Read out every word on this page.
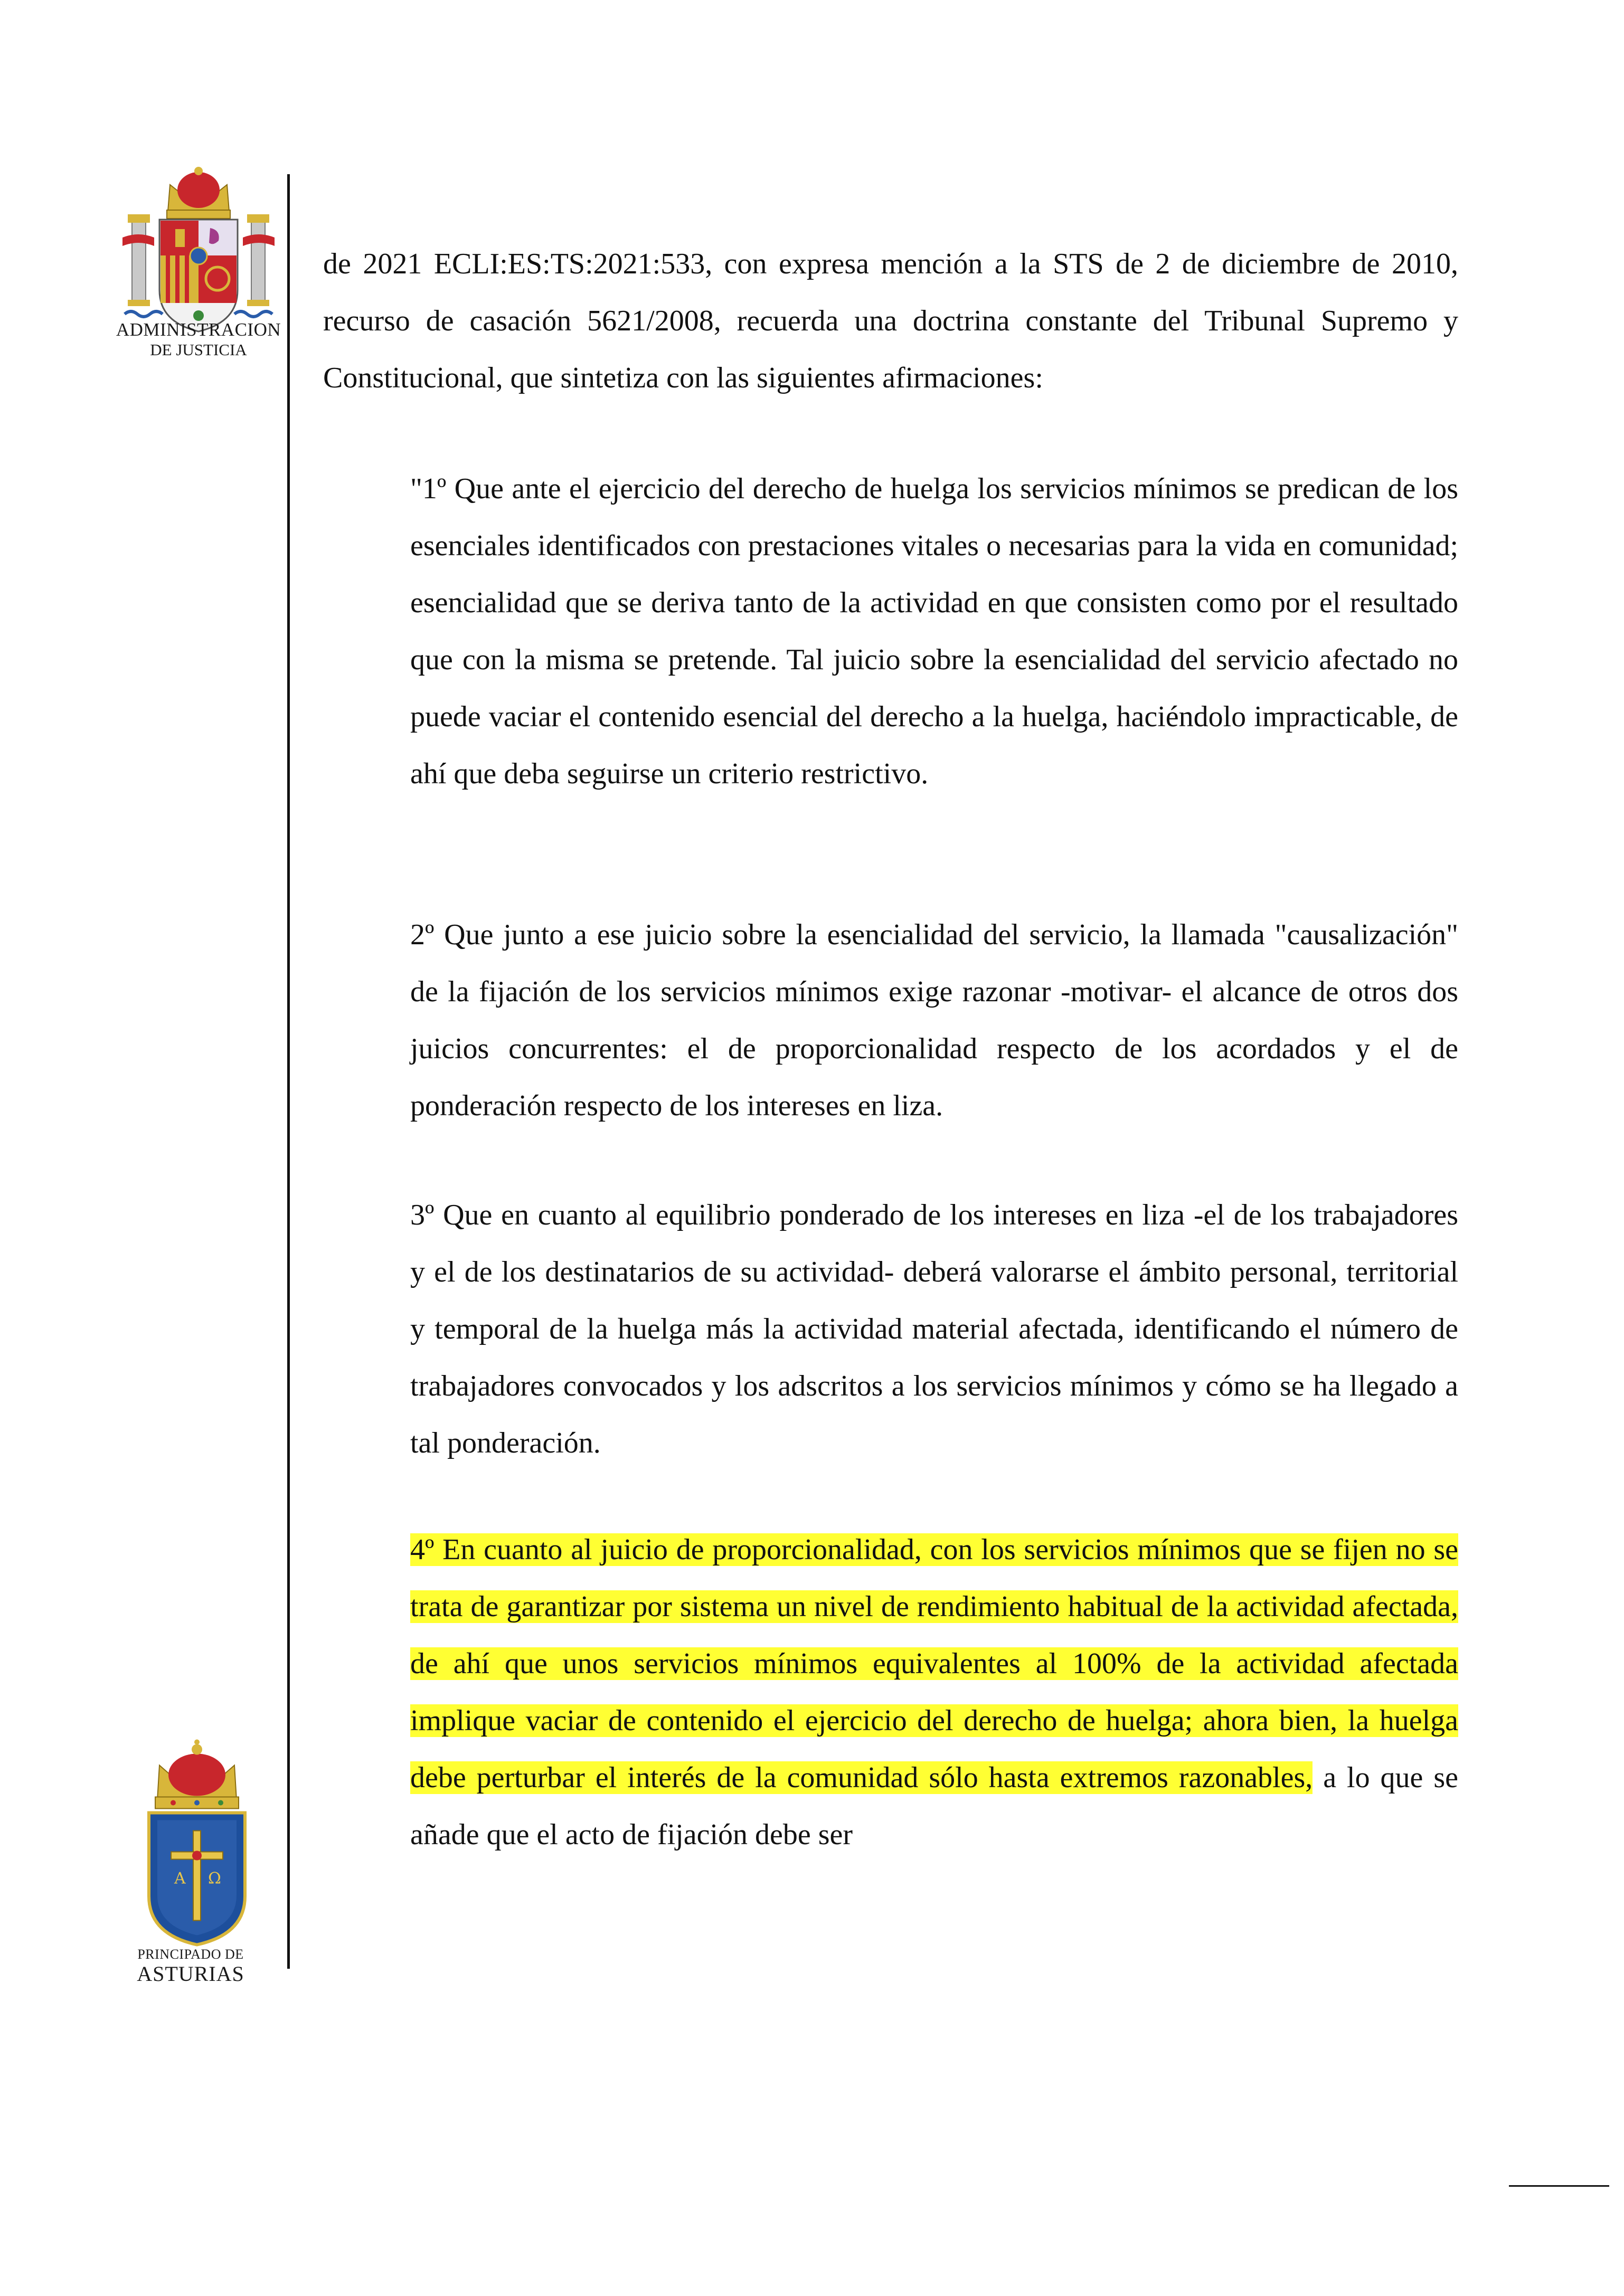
ADMINISTRACION
DE JUSTICIA
A Ω
PRINCIPADO DE
ASTURIAS

de 2021 ECLI:ES:TS:2021:533, con expresa mención a la STS de 2 de diciembre de 2010, recurso de casación 5621/2008, recuerda una doctrina constante del Tribunal Supremo y Constitucional, que sintetiza con las siguientes afirmaciones:

"1º Que ante el ejercicio del derecho de huelga los servicios mínimos se predican de los esenciales identificados con prestaciones vitales o necesarias para la vida en comunidad; esencialidad que se deriva tanto de la actividad en que consisten como por el resultado que con la misma se pretende. Tal juicio sobre la esencialidad del servicio afectado no puede vaciar el contenido esencial del derecho a la huelga, haciéndolo impracticable, de ahí que deba seguirse un criterio restrictivo.

2º Que junto a ese juicio sobre la esencialidad del servicio, la llamada "causalización" de la fijación de los servicios mínimos exige razonar -motivar- el alcance de otros dos juicios concurrentes: el de proporcionalidad respecto de los acordados y el de ponderación respecto de los intereses en liza.

3º Que en cuanto al equilibrio ponderado de los intereses en liza -el de los trabajadores y el de los destinatarios de su actividad- deberá valorarse el ámbito personal, territorial y temporal de la huelga más la actividad material afectada, identificando el número de trabajadores convocados y los adscritos a los servicios mínimos y cómo se ha llegado a tal ponderación.

4º En cuanto al juicio de proporcionalidad, con los servicios mínimos que se fijen no se trata de garantizar por sistema un nivel de rendimiento habitual de la actividad afectada, de ahí que unos servicios mínimos equivalentes al 100% de la actividad afectada implique vaciar de contenido el ejercicio del derecho de huelga; ahora bien, la huelga debe perturbar el interés de la comunidad sólo hasta extremos razonables, a lo que se añade que el acto de fijación debe ser
